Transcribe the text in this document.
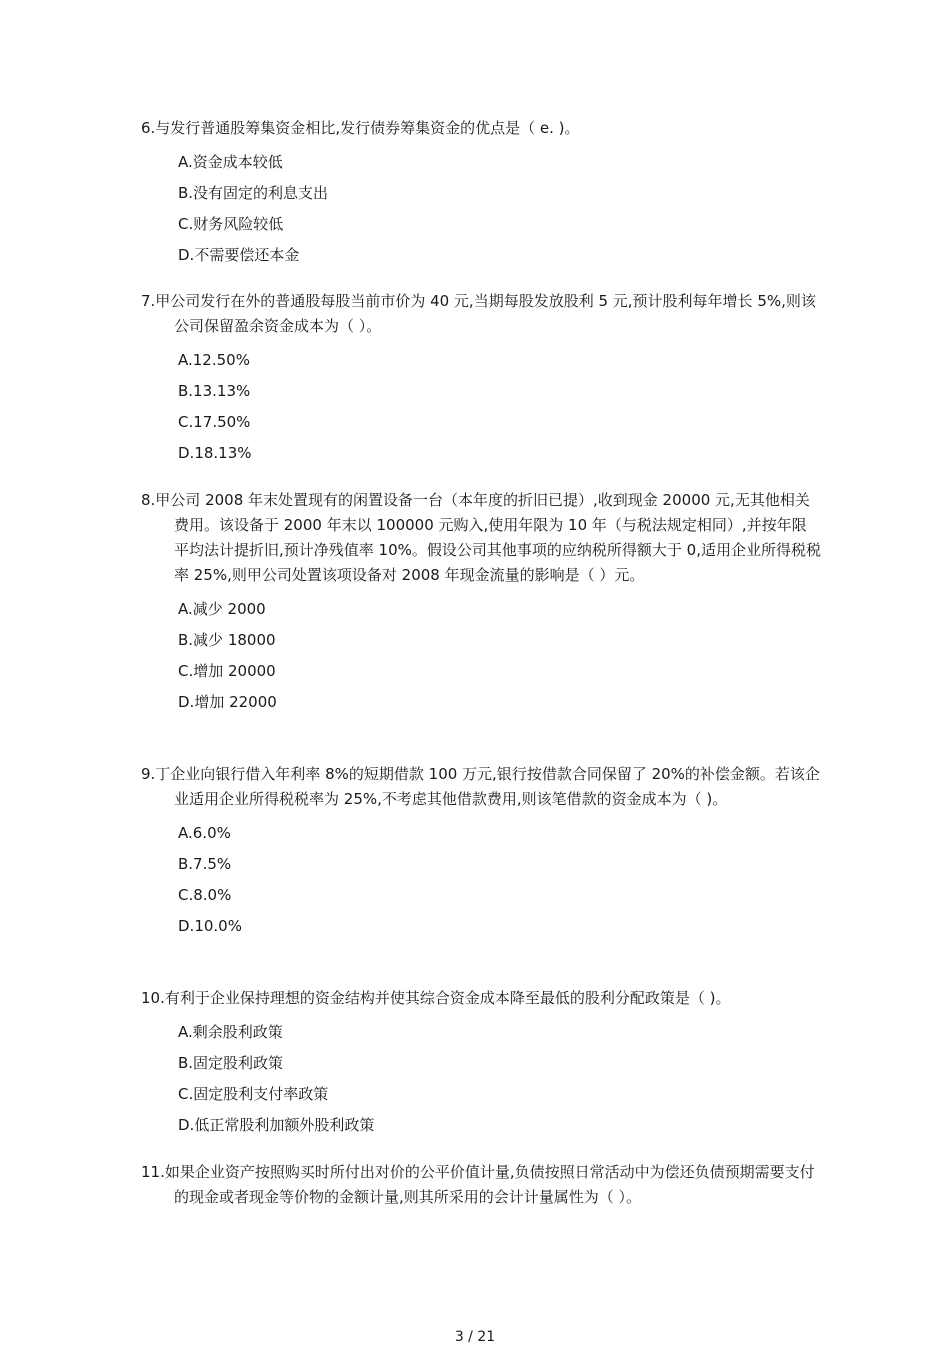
6.与发行普通股筹集资金相比,发行债券筹集资金的优点是（ e. )。

A.资金成本较低
B.没有固定的利息支出
C.财务风险较低
D.不需要偿还本金

7.甲公司发行在外的普通股每股当前市价为 40 元,当期每股发放股利 5 元,预计股利每年增长 5%,则该公司保留盈余资金成本为（ ）。

A.12.50%
B.13.13%
C.17.50%
D.18.13%

8.甲公司 2008 年末处置现有的闲置设备一台（本年度的折旧已提）,收到现金 20000 元,无其他相关费用。该设备于 2000 年末以 100000 元购入,使用年限为 10 年（与税法规定相同）,并按年限平均法计提折旧,预计净残值率 10%。假设公司其他事项的应纳税所得额大于 0,适用企业所得税税率 25%,则甲公司处置该项设备对 2008 年现金流量的影响是（ ）元。

A.减少 2000
B.减少 18000
C.增加 20000
D.增加 22000

9.丁企业向银行借入年利率 8%的短期借款 100 万元,银行按借款合同保留了 20%的补偿金额。若该企业适用企业所得税税率为 25%,不考虑其他借款费用,则该笔借款的资金成本为（ )。

A.6.0%
B.7.5%
C.8.0%
D.10.0%

10.有利于企业保持理想的资金结构并使其综合资金成本降至最低的股利分配政策是（ )。

A.剩余股利政策
B.固定股利政策
C.固定股利支付率政策
D.低正常股利加额外股利政策

11.如果企业资产按照购买时所付出对价的公平价值计量,负债按照日常活动中为偿还负债预期需要支付的现金或者现金等价物的金额计量,则其所采用的会计计量属性为（ ）。

3 / 21
